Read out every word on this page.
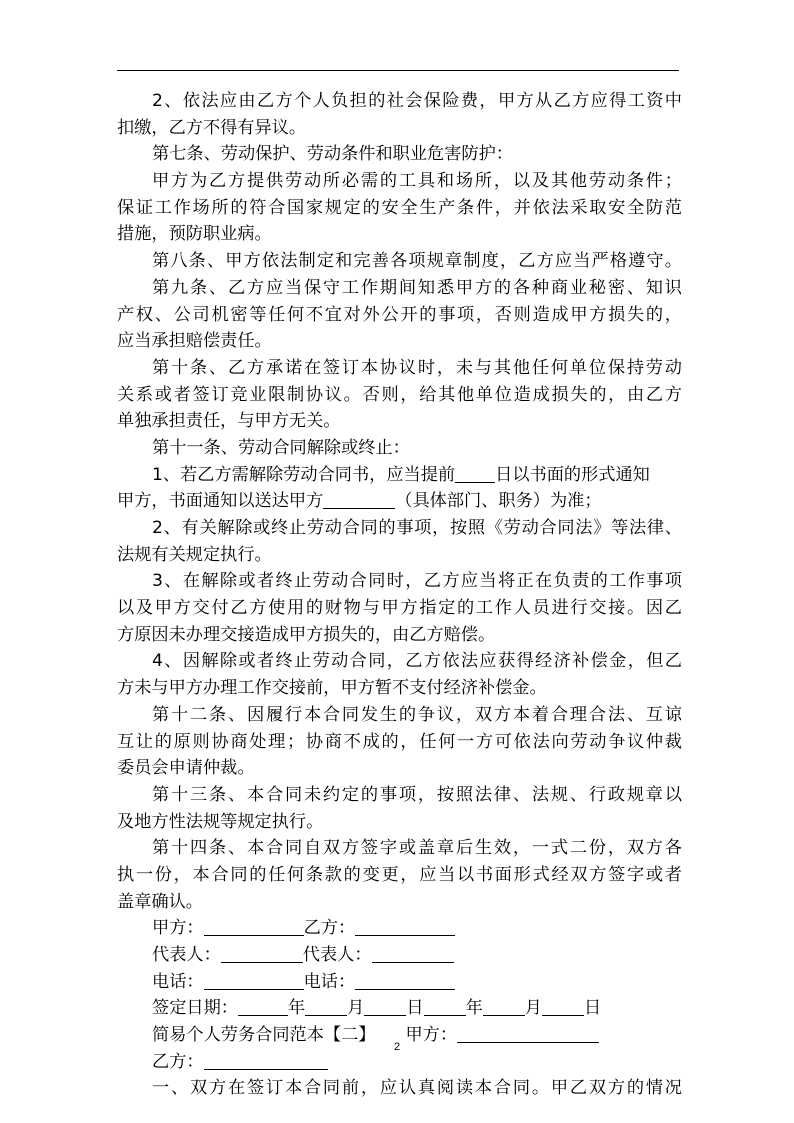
2、依法应由乙方个人负担的社会保险费，甲方从乙方应得工资中
扣缴，乙方不得有异议。
第七条、劳动保护、劳动条件和职业危害防护：
甲方为乙方提供劳动所必需的工具和场所，以及其他劳动条件；
保证工作场所的符合国家规定的安全生产条件，并依法采取安全防范
措施，预防职业病。
第八条、甲方依法制定和完善各项规章制度，乙方应当严格遵守。
第九条、乙方应当保守工作期间知悉甲方的各种商业秘密、知识
产权、公司机密等任何不宜对外公开的事项，否则造成甲方损失的，
应当承担赔偿责任。
第十条、乙方承诺在签订本协议时，未与其他任何单位保持劳动
关系或者签订竞业限制协议。否则，给其他单位造成损失的，由乙方
单独承担责任，与甲方无关。
第十一条、劳动合同解除或终止：
1、若乙方需解除劳动合同书，应当提前 日以书面的形式通知
甲方，书面通知以送达甲方	（具体部门、职务）为准；
2、有关解除或终止劳动合同的事项，按照《劳动合同法》等法律、
法规有关规定执行。
3、在解除或者终止劳动合同时，乙方应当将正在负责的工作事项
以及甲方交付乙方使用的财物与甲方指定的工作人员进行交接。因乙
方原因未办理交接造成甲方损失的，由乙方赔偿。
4、因解除或者终止劳动合同，乙方依法应获得经济补偿金，但乙
方未与甲方办理工作交接前，甲方暂不支付经济补偿金。
第十二条、因履行本合同发生的争议，双方本着合理合法、互谅
互让的原则协商处理；协商不成的，任何一方可依法向劳动争议仲裁
委员会申请仲裁。
第十三条、本合同未约定的事项，按照法律、法规、行政规章以
及地方性法规等规定执行。
第十四条、本合同自双方签字或盖章后生效，一式二份，双方各
执一份，本合同的任何条款的变更，应当以书面形式经双方签字或者
盖章确认。
甲方：	乙方：
代表人：	代表人：
电话：	电话：
签定日期：	年 月 日 年 月 日
简易个人劳务合同范本【二】 甲方：
乙方：
一、双方在签订本合同前，应认真阅读本合同。甲乙双方的情况
2
